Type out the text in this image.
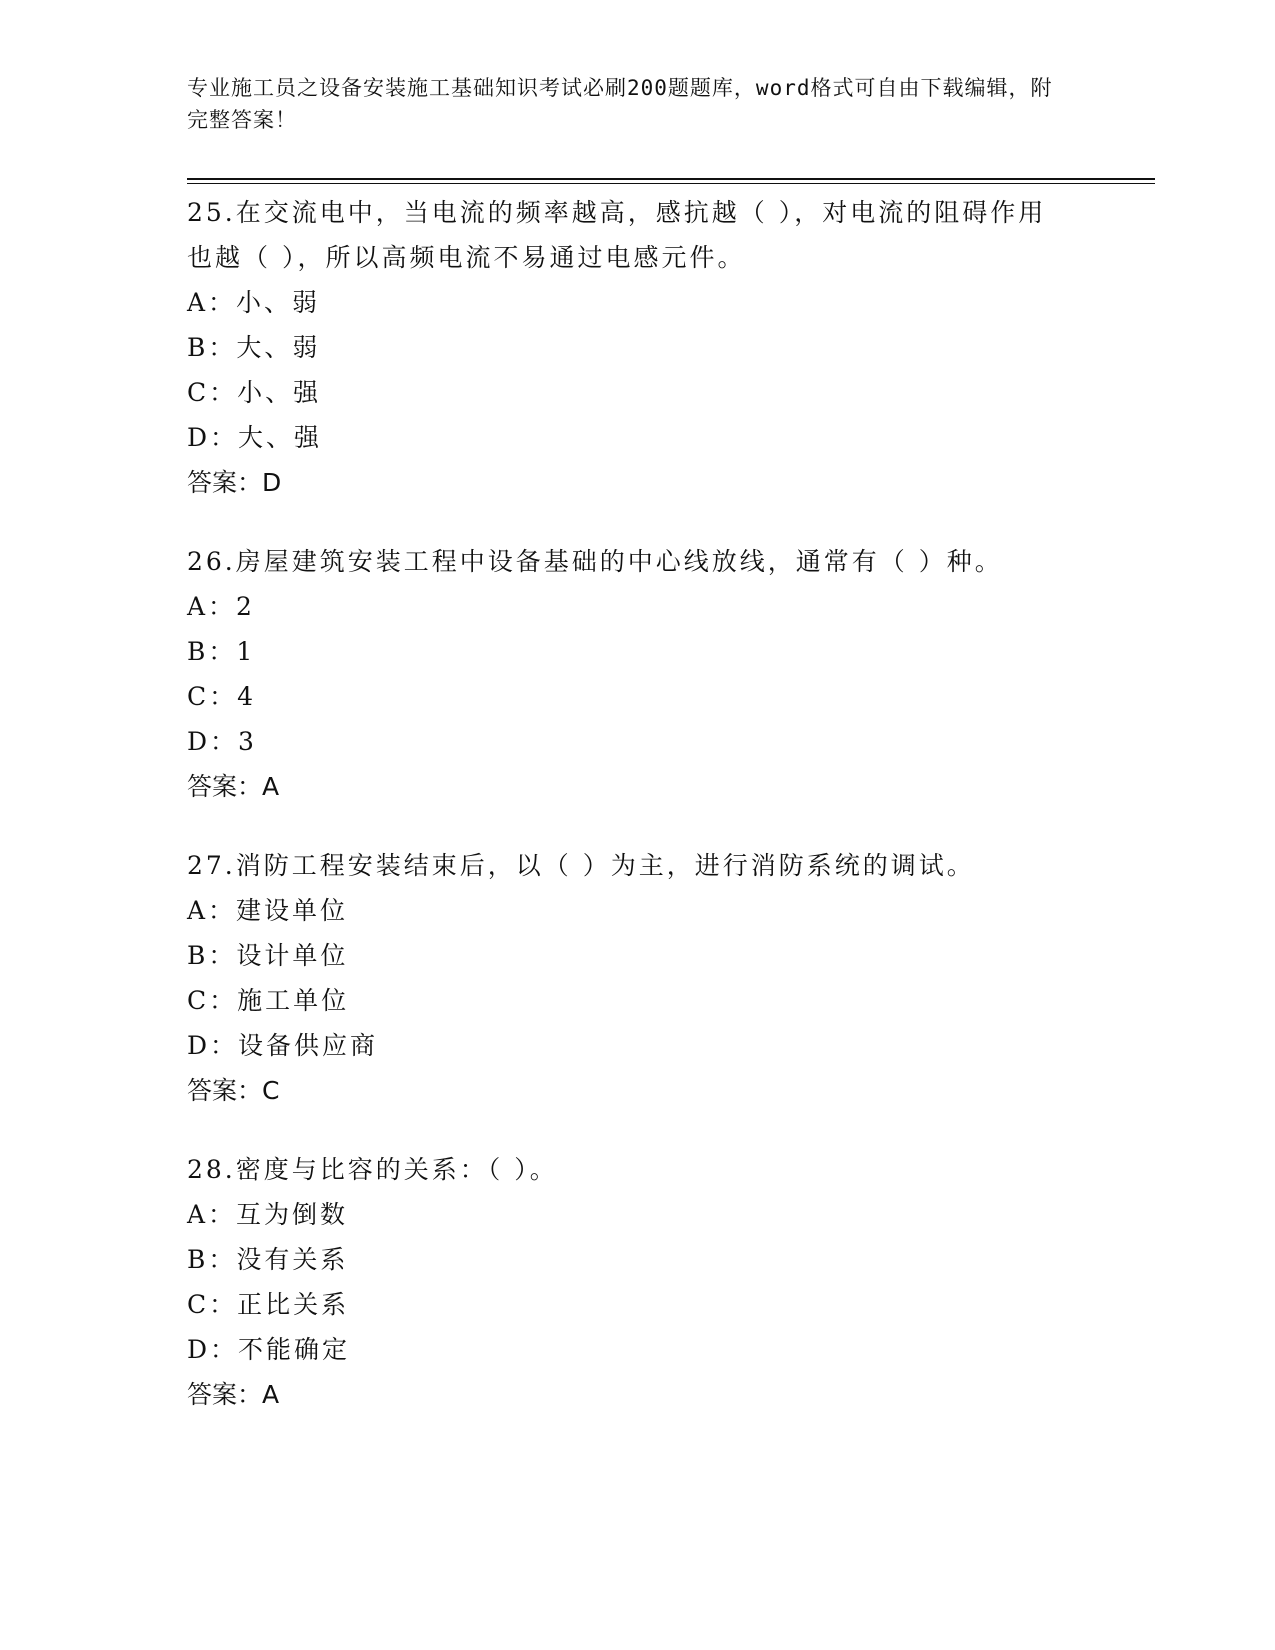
专业施工员之设备安装施工基础知识考试必刷200题题库，word格式可自由下载编辑，附完整答案！

25.在交流电中，当电流的频率越高，感抗越（ ），对电流的阻碍作用也越（ ），所以高频电流不易通过电感元件。

A：小、弱

B：大、弱

C：小、强

D：大、强

答案：D

26.房屋建筑安装工程中设备基础的中心线放线，通常有（ ）种。

A：2

B：1

C：4

D：3

答案：A

27.消防工程安装结束后，以（ ）为主，进行消防系统的调试。

A：建设单位

B：设计单位

C：施工单位

D：设备供应商

答案：C

28.密度与比容的关系：（ ）。

A：互为倒数

B：没有关系

C：正比关系

D：不能确定

答案：A
